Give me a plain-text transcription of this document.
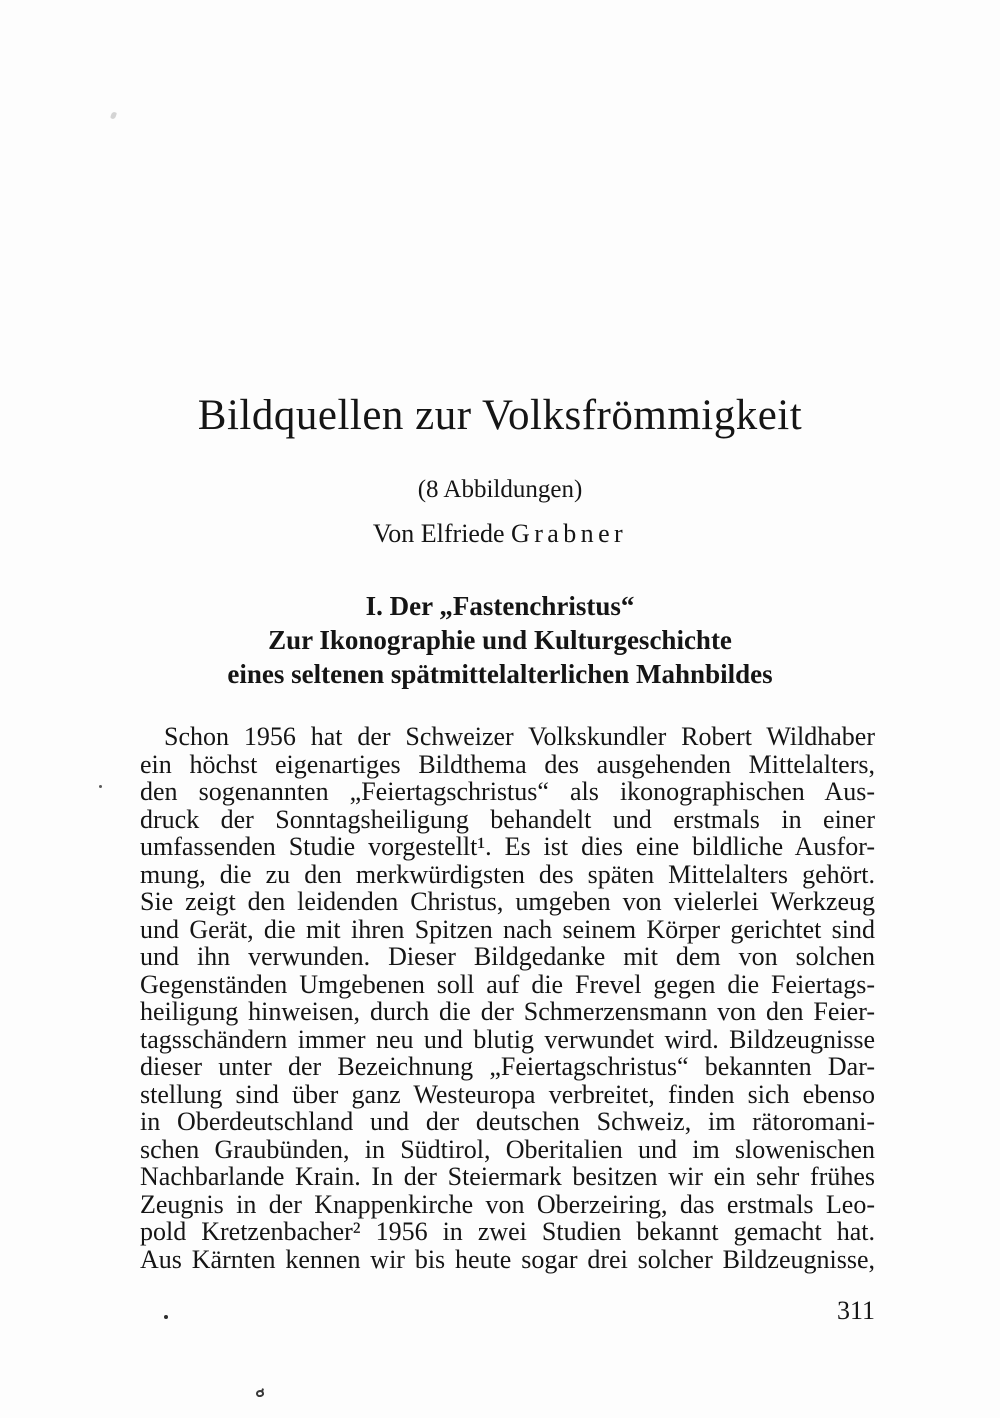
Bildquellen zur Volksfrömmigkeit
(8 Abbildungen)
Von Elfriede Grabner
I. Der „Fastenchristus“
Zur Ikonographie und Kulturgeschichte
eines seltenen spätmittelalterlichen Mahnbildes
Schon 1956 hat der Schweizer Volkskundler Robert Wildhaber
ein höchst eigenartiges Bildthema des ausgehenden Mittelalters,
den sogenannten „Feiertagschristus“ als ikonographischen Aus-
druck der Sonntagsheiligung behandelt und erstmals in einer
umfassenden Studie vorgestellt¹. Es ist dies eine bildliche Ausfor-
mung, die zu den merkwürdigsten des späten Mittelalters gehört.
Sie zeigt den leidenden Christus, umgeben von vielerlei Werkzeug
und Gerät, die mit ihren Spitzen nach seinem Körper gerichtet sind
und ihn verwunden. Dieser Bildgedanke mit dem von solchen
Gegenständen Umgebenen soll auf die Frevel gegen die Feiertags-
heiligung hinweisen, durch die der Schmerzensmann von den Feier-
tagsschändern immer neu und blutig verwundet wird. Bildzeugnisse
dieser unter der Bezeichnung „Feiertagschristus“ bekannten Dar-
stellung sind über ganz Westeuropa verbreitet, finden sich ebenso
in Oberdeutschland und der deutschen Schweiz, im rätoromani-
schen Graubünden, in Südtirol, Oberitalien und im slowenischen
Nachbarlande Krain. In der Steiermark besitzen wir ein sehr frühes
Zeugnis in der Knappenkirche von Oberzeiring, das erstmals Leo-
pold Kretzenbacher² 1956 in zwei Studien bekannt gemacht hat.
Aus Kärnten kennen wir bis heute sogar drei solcher Bildzeugnisse,
311
